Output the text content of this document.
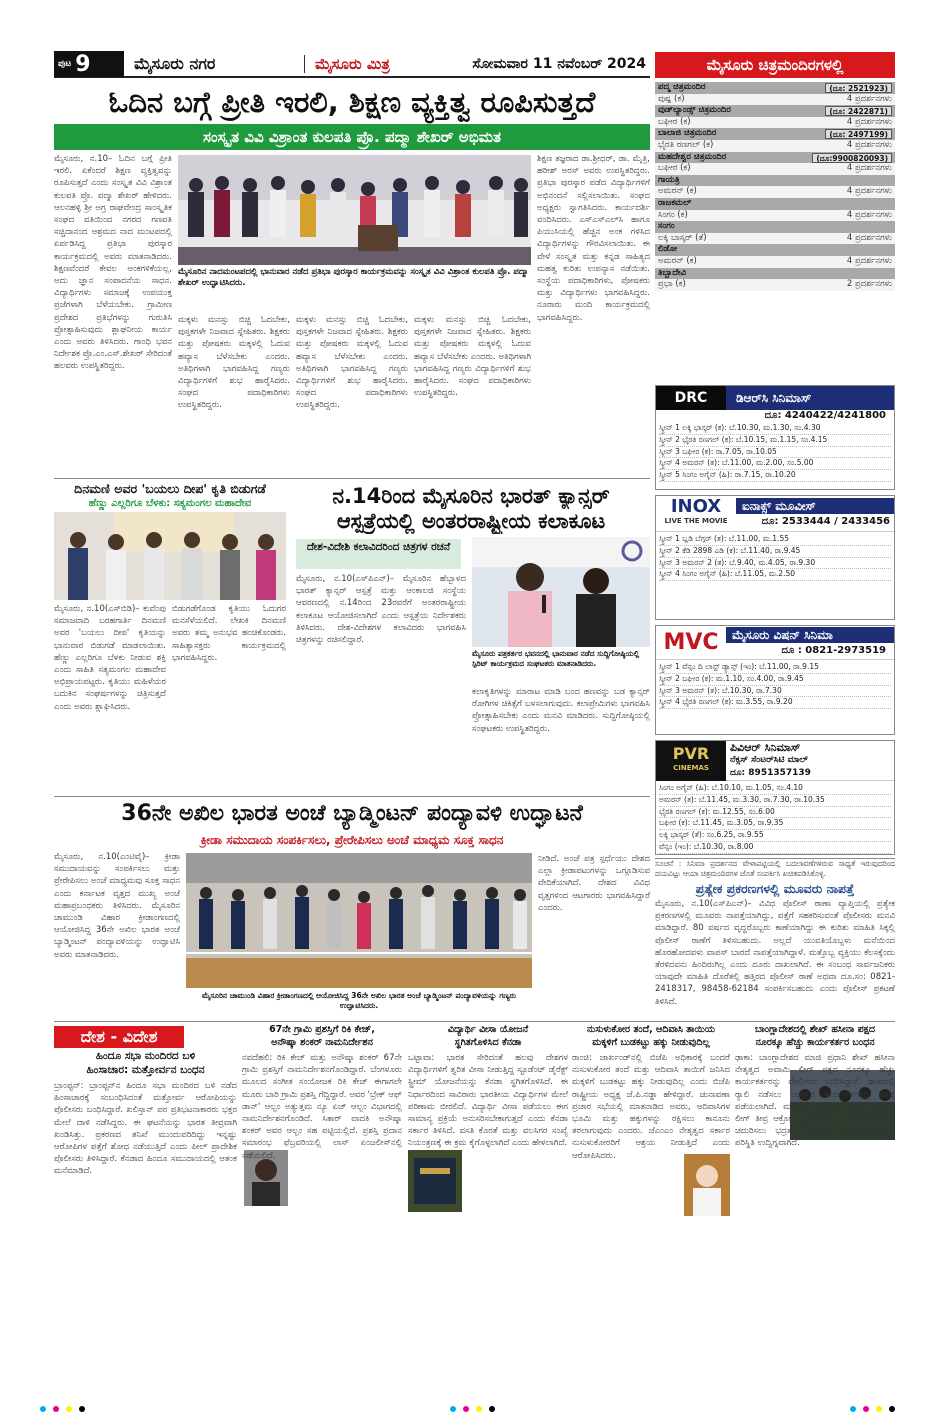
ಪುಟ 9	ಮೈಸೂರು ನಗರ	ಮೈಸೂರು ಮಿತ್ರ	ಸೋಮವಾರ 11 ನವೆಂಬರ್ 2024	ಮೈಸೂರು ಚಿತ್ರಮಂದಿರಗಳಲ್ಲಿ
ಓದಿನ ಬಗ್ಗೆ ಪ್ರೀತಿ ಇರಲಿ, ಶಿಕ್ಷಣ ವ್ಯಕ್ತಿತ್ವ ರೂಪಿಸುತ್ತದೆ
ಸಂಸ್ಕೃತ ವಿವಿ ವಿಶ್ರಾಂತ ಕುಲಪತಿ ಪ್ರೊ. ಪದ್ಮಾ ಶೇಖರ್ ಅಭಿಮತ
ಮೈಸೂರು, ನ.10– ಓದಿನ ಬಗ್ಗೆ ಪ್ರೀತಿ ಇರಲಿ. ಏಕೆಂದರೆ ಶಿಕ್ಷಣ ವ್ಯಕ್ತಿತ್ವವನ್ನು ರೂಪಿಸುತ್ತದೆ ಎಂದು ಸಂಸ್ಕೃತ ವಿವಿ ವಿಶ್ರಾಂತ ಕುಲಪತಿ ಪ್ರೊ. ಪದ್ಮಾ ಶೇಖರ್ ಹೇಳಿದರು. ಆಲನಹಳ್ಳಿ ಶ್ರೀ ಅಗ್ರ ರಾಘವೇಂದ್ರ ಸಾಂಸ್ಕೃತಿಕ ಸಂಘದ ವತಿಯಿಂದ ನಗರದ ಗಣಪತಿ ಸಚ್ಚಿದಾನಂದ ಆಶ್ರಮದ ನಾದ ಮಂಟಪದಲ್ಲಿ ಏರ್ಪಡಿಸಿದ್ದ ಪ್ರತಿಭಾ ಪುರಸ್ಕಾರ ಕಾರ್ಯಕ್ರಮದಲ್ಲಿ ಅವರು ಮಾತನಾಡಿದರು. ಶಿಕ್ಷಣವೆಂದರೆ ಕೇವಲ ಅಂಕಗಳಿಕೆಯಲ್ಲ, ಅದು ಜ್ಞಾನ ಸಂಪಾದನೆಯ ಸಾಧನ. ವಿದ್ಯಾರ್ಥಿಗಳು ಸಮಾಜಕ್ಕೆ ಉಪಯುಕ್ತ ಪ್ರಜೆಗಳಾಗಿ ಬೆಳೆಯಬೇಕು. ಗ್ರಾಮೀಣ ಪ್ರದೇಶದ ಪ್ರತಿಭೆಗಳನ್ನು ಗುರುತಿಸಿ ಪ್ರೋತ್ಸಾಹಿಸುವುದು ಶ್ಲಾಘನೀಯ ಕಾರ್ಯ ಎಂದು ಅವರು ತಿಳಿಸಿದರು. ಗಾಂಧಿ ಭವನ ನಿರ್ದೇಶಕ ಪ್ರೊ.ಎಂ.ಎಸ್.ಶೇಖರ್ ಸೇರಿದಂತೆ ಹಲವರು ಉಪಸ್ಥಿತರಿದ್ದರು.
ಶಿಕ್ಷಣ ತಜ್ಞರಾದ ಡಾ.ಶ್ರೀಧರ್, ಡಾ. ಮೈತ್ರಿ, ಹರೀಶ್ ಅರಸ್ ಅವರು ಉಪಸ್ಥಿತರಿದ್ದರು. ಪ್ರತಿಭಾ ಪುರಸ್ಕಾರ ಪಡೆದ ವಿದ್ಯಾರ್ಥಿಗಳಿಗೆ ಅಭಿನಂದನೆ ಸಲ್ಲಿಸಲಾಯಿತು. ಸಂಘದ ಅಧ್ಯಕ್ಷರು ಸ್ವಾಗತಿಸಿದರು. ಕಾರ್ಯದರ್ಶಿ ವಂದಿಸಿದರು. ಎಸ್ಎಸ್ಎಲ್‌ಸಿ ಹಾಗೂ ಪಿಯುಸಿಯಲ್ಲಿ ಹೆಚ್ಚಿನ ಅಂಕ ಗಳಿಸಿದ ವಿದ್ಯಾರ್ಥಿಗಳನ್ನು ಗೌರವಿಸಲಾಯಿತು. ಈ ವೇಳೆ ಸಂಸ್ಕೃತ ಮತ್ತು ಕನ್ನಡ ಸಾಹಿತ್ಯದ ಮಹತ್ವ ಕುರಿತು ಉಪನ್ಯಾಸ ನಡೆಯಿತು. ಸಂಸ್ಥೆಯ ಪದಾಧಿಕಾರಿಗಳು, ಪೋಷಕರು ಮತ್ತು ವಿದ್ಯಾರ್ಥಿಗಳು ಭಾಗವಹಿಸಿದ್ದರು. ನೂರಾರು ಮಂದಿ ಕಾರ್ಯಕ್ರಮದಲ್ಲಿ ಭಾಗವಹಿಸಿದ್ದರು.
ಮೈಸೂರಿನ ನಾದಮಂಟಪದಲ್ಲಿ ಭಾನುವಾರ ನಡೆದ ಪ್ರತಿಭಾ ಪುರಸ್ಕಾರ ಕಾರ್ಯಕ್ರಮವನ್ನು ಸಂಸ್ಕೃತ ವಿವಿ ವಿಶ್ರಾಂತ ಕುಲಪತಿ ಪ್ರೊ. ಪದ್ಮಾ ಶೇಖರ್ ಉದ್ಘಾಟಿಸಿದರು.
ಮಕ್ಕಳು ಮನಸ್ಸು ಬಿಚ್ಚಿ ಓದಬೇಕು, ಪುಸ್ತಕಗಳೇ ನಿಜವಾದ ಸ್ನೇಹಿತರು. ಶಿಕ್ಷಕರು ಮತ್ತು ಪೋಷಕರು ಮಕ್ಕಳಲ್ಲಿ ಓದುವ ಹವ್ಯಾಸ ಬೆಳೆಸಬೇಕು ಎಂದರು. ಅತಿಥಿಗಳಾಗಿ ಭಾಗವಹಿಸಿದ್ದ ಗಣ್ಯರು ವಿದ್ಯಾರ್ಥಿಗಳಿಗೆ ಶುಭ ಹಾರೈಸಿದರು. ಸಂಘದ ಪದಾಧಿಕಾರಿಗಳು ಉಪಸ್ಥಿತರಿದ್ದರು.
ಮಕ್ಕಳು ಮನಸ್ಸು ಬಿಚ್ಚಿ ಓದಬೇಕು, ಪುಸ್ತಕಗಳೇ ನಿಜವಾದ ಸ್ನೇಹಿತರು. ಶಿಕ್ಷಕರು ಮತ್ತು ಪೋಷಕರು ಮಕ್ಕಳಲ್ಲಿ ಓದುವ ಹವ್ಯಾಸ ಬೆಳೆಸಬೇಕು ಎಂದರು. ಅತಿಥಿಗಳಾಗಿ ಭಾಗವಹಿಸಿದ್ದ ಗಣ್ಯರು ವಿದ್ಯಾರ್ಥಿಗಳಿಗೆ ಶುಭ ಹಾರೈಸಿದರು. ಸಂಘದ ಪದಾಧಿಕಾರಿಗಳು ಉಪಸ್ಥಿತರಿದ್ದರು.
ಮಕ್ಕಳು ಮನಸ್ಸು ಬಿಚ್ಚಿ ಓದಬೇಕು, ಪುಸ್ತಕಗಳೇ ನಿಜವಾದ ಸ್ನೇಹಿತರು. ಶಿಕ್ಷಕರು ಮತ್ತು ಪೋಷಕರು ಮಕ್ಕಳಲ್ಲಿ ಓದುವ ಹವ್ಯಾಸ ಬೆಳೆಸಬೇಕು ಎಂದರು. ಅತಿಥಿಗಳಾಗಿ ಭಾಗವಹಿಸಿದ್ದ ಗಣ್ಯರು ವಿದ್ಯಾರ್ಥಿಗಳಿಗೆ ಶುಭ ಹಾರೈಸಿದರು. ಸಂಘದ ಪದಾಧಿಕಾರಿಗಳು ಉಪಸ್ಥಿತರಿದ್ದರು.
ದಿನಮಣಿ ಅವರ 'ಬಯಲು ದೀಪ' ಕೃತಿ ಬಿಡುಗಡೆ
ಹೆಣ್ಣು ಎಲ್ಲರಿಗೂ ಬೆಳಕು: ಸತ್ಯಮಂಗಲ ಮಹಾದೇವ
ಮೈಸೂರು, ನ.10(ಎಸ್‌ಬಿಡಿ)– ಕುವೆಂಪು ಸಮಾಜವಾದಿ ಬರಹಗಾರ್ತಿ ದಿನಮಣಿ ಅವರ 'ಬಯಲು ದೀಪ' ಕೃತಿಯನ್ನು ಭಾನುವಾರ ಬಿಡುಗಡೆ ಮಾಡಲಾಯಿತು. ಹೆಣ್ಣು ಎಲ್ಲರಿಗೂ ಬೆಳಕು ನೀಡುವ ಶಕ್ತಿ ಎಂದು ಸಾಹಿತಿ ಸತ್ಯಮಂಗಲ ಮಹಾದೇವ ಅಭಿಪ್ರಾಯಪಟ್ಟರು. ಕೃತಿಯು ಮಹಿಳೆಯರ ಬದುಕಿನ ಸಂಘರ್ಷಗಳನ್ನು ಚಿತ್ರಿಸುತ್ತದೆ ಎಂದು ಅವರು ಶ್ಲಾಘಿಸಿದರು.
ಬಿಡುಗಡೆಗೊಂಡ ಕೃತಿಯು ಓದುಗರ ಮನಸೆಳೆಯಲಿದೆ. ಲೇಖಕಿ ದಿನಮಣಿ ಅವರು ತಮ್ಮ ಅನುಭವ ಹಂಚಿಕೊಂಡರು. ಸಾಹಿತ್ಯಾಸಕ್ತರು ಕಾರ್ಯಕ್ರಮದಲ್ಲಿ ಭಾಗವಹಿಸಿದ್ದರು.
ನ.14ರಿಂದ ಮೈಸೂರಿನ ಭಾರತ್ ಕ್ಯಾನ್ಸರ್
ಆಸ್ಪತ್ರೆಯಲ್ಲಿ ಅಂತರರಾಷ್ಟ್ರೀಯ ಕಲಾಕೂಟ
ದೇಶ-ವಿದೇಶಿ ಕಲಾವಿದರಿಂದ ಚಿತ್ರಗಳ ರಚನೆ
ಮೈಸೂರು, ನ.10(ಎಸ್‌ಪಿಎನ್)– ಮೈಸೂರಿನ ಹೆಬ್ಬಾಳದ ಭಾರತ್ ಕ್ಯಾನ್ಸರ್ ಆಸ್ಪತ್ರೆ ಮತ್ತು ಆಂಕಾಲಜಿ ಸಂಸ್ಥೆಯ ಆವರಣದಲ್ಲಿ ನ.14ರಿಂದ 23ರವರೆಗೆ ಅಂತರರಾಷ್ಟ್ರೀಯ ಕಲಾಕೂಟ ಆಯೋಜಿಸಲಾಗಿದೆ ಎಂದು ಆಸ್ಪತ್ರೆಯ ನಿರ್ದೇಶಕರು ತಿಳಿಸಿದರು. ದೇಶ-ವಿದೇಶಗಳ ಕಲಾವಿದರು ಭಾಗವಹಿಸಿ ಚಿತ್ರಗಳನ್ನು ರಚಿಸಲಿದ್ದಾರೆ.
ಮೈಸೂರು ಪತ್ರಕರ್ತರ ಭವನದಲ್ಲಿ ಭಾನುವಾರ ನಡೆದ ಸುದ್ದಿಗೋಷ್ಠಿಯಲ್ಲಿ ಸ್ಪಿರಿಟ್ ಕಾರ್ಯಕ್ರಮದ ಸಂಘಟಕರು ಮಾತನಾಡಿದರು.
ಕಲಾಕೃತಿಗಳನ್ನು ಮಾರಾಟ ಮಾಡಿ ಬಂದ ಹಣವನ್ನು ಬಡ ಕ್ಯಾನ್ಸರ್ ರೋಗಿಗಳ ಚಿಕಿತ್ಸೆಗೆ ಬಳಸಲಾಗುವುದು. ಕಲಾಪ್ರೇಮಿಗಳು ಭಾಗವಹಿಸಿ ಪ್ರೋತ್ಸಾಹಿಸಬೇಕು ಎಂದು ಮನವಿ ಮಾಡಿದರು. ಸುದ್ದಿಗೋಷ್ಠಿಯಲ್ಲಿ ಸಂಘಟಕರು ಉಪಸ್ಥಿತರಿದ್ದರು.
36ನೇ ಅಖಿಲ ಭಾರತ ಅಂಚೆ ಬ್ಯಾಡ್ಮಿಂಟನ್ ಪಂದ್ಯಾವಳಿ ಉದ್ಘಾಟನೆ
ಕ್ರೀಡಾ ಸಮುದಾಯ ಸಂಪರ್ಕಿಸಲು, ಪ್ರೇರೇಪಿಸಲು ಅಂಚೆ ಮಾಧ್ಯಮ ಸೂಕ್ತ ಸಾಧನ
ಮೈಸೂರು, ನ.10(ಎಂಟಿವೈ)– ಕ್ರೀಡಾ ಸಮುದಾಯವನ್ನು ಸಂಪರ್ಕಿಸಲು ಮತ್ತು ಪ್ರೇರೇಪಿಸಲು ಅಂಚೆ ಮಾಧ್ಯಮವು ಸೂಕ್ತ ಸಾಧನ ಎಂದು ಕರ್ನಾಟಕ ವೃತ್ತದ ಮುಖ್ಯ ಅಂಚೆ ಮಹಾಪ್ರಬಂಧಕರು ತಿಳಿಸಿದರು. ಮೈಸೂರಿನ ಚಾಮುಂಡಿ ವಿಹಾರ ಕ್ರೀಡಾಂಗಣದಲ್ಲಿ ಆಯೋಜಿಸಿದ್ದ 36ನೇ ಅಖಿಲ ಭಾರತ ಅಂಚೆ ಬ್ಯಾಡ್ಮಿಂಟನ್ ಪಂದ್ಯಾವಳಿಯನ್ನು ಉದ್ಘಾಟಿಸಿ ಅವರು ಮಾತನಾಡಿದರು.
ಮೈಸೂರಿನ ಚಾಮುಂಡಿ ವಿಹಾರ ಕ್ರೀಡಾಂಗಣದಲ್ಲಿ ಆಯೋಜಿಸಿದ್ದ 36ನೇ ಅಖಿಲ ಭಾರತ ಅಂಚೆ ಬ್ಯಾಡ್ಮಿಂಟನ್ ಪಂದ್ಯಾವಳಿಯನ್ನು ಗಣ್ಯರು ಉದ್ಘಾಟಿಸಿದರು.
ನೀಡಿದೆ. ಅಂಚೆ ಪತ್ರ ಸ್ಪರ್ಧೆಯು ದೇಶದ ಎಲ್ಲಾ ಕ್ರೀಡಾಪಟುಗಳನ್ನು ಒಗ್ಗೂಡಿಸುವ ವೇದಿಕೆಯಾಗಿದೆ. ದೇಶದ ವಿವಿಧ ವೃತ್ತಗಳಿಂದ ಆಟಗಾರರು ಭಾಗವಹಿಸಿದ್ದಾರೆ ಎಂದರು.
ಪ್ರತ್ಯೇಕ ಪ್ರಕರಣಗಳಲ್ಲಿ ಮೂವರು ನಾಪತ್ತೆ
ಮೈಸೂರು, ನ.10(ಎಸ್‌ಪಿಎನ್)– ವಿವಿಧ ಪೊಲೀಸ್ ಠಾಣಾ ವ್ಯಾಪ್ತಿಯಲ್ಲಿ ಪ್ರತ್ಯೇಕ ಪ್ರಕರಣಗಳಲ್ಲಿ ಮೂವರು ನಾಪತ್ತೆಯಾಗಿದ್ದು, ಪತ್ತೆಗೆ ಸಹಕರಿಸುವಂತೆ ಪೊಲೀಸರು ಮನವಿ ಮಾಡಿದ್ದಾರೆ. 80 ವರ್ಷದ ವೃದ್ಧರೊಬ್ಬರು ಕಾಣೆಯಾಗಿದ್ದು ಈ ಕುರಿತು ಮಾಹಿತಿ ಸಿಕ್ಕಲ್ಲಿ ಪೊಲೀಸ್ ಠಾಣೆಗೆ ತಿಳಿಸಬಹುದು. ಅಲ್ಲದೆ ಯುವತಿಯೊಬ್ಬಳು ಮನೆಯಿಂದ ಹೊರಹೋದವಳು ವಾಪಸ್ ಬಾರದೆ ನಾಪತ್ತೆಯಾಗಿದ್ದಾಳೆ. ಮತ್ತೊಬ್ಬ ವ್ಯಕ್ತಿಯು ಕೆಲಸಕ್ಕೆಂದು ತೆರಳಿದವನು ಹಿಂದಿರುಗಿಲ್ಲ ಎಂದು ದೂರು ದಾಖಲಾಗಿದೆ. ಈ ಸಂಬಂಧ ಸಾರ್ವಜನಿಕರು ಯಾವುದೇ ಮಾಹಿತಿ ದೊರೆತಲ್ಲಿ ಹತ್ತಿರದ ಪೊಲೀಸ್ ಠಾಣೆ ಅಥವಾ ದೂ.ಸಂ: 0821-2418317, 98458-62184 ಸಂಪರ್ಕಿಸಬಹುದು ಎಂದು ಪೊಲೀಸ್ ಪ್ರಕಟಣೆ ತಿಳಿಸಿದೆ.
ದೇಶ - ವಿದೇಶ
ಹಿಂದೂ ಸಭಾ ಮಂದಿರದ ಬಳಿ
ಹಿಂಸಾಚಾರ: ಮತ್ತೋರ್ವನ ಬಂಧನ
ಬ್ರಾಂಪ್ಟನ್: ಬ್ರಾಂಪ್ಟನ್‌ನ ಹಿಂದೂ ಸಭಾ ಮಂದಿರದ ಬಳಿ ನಡೆದ ಹಿಂಸಾಚಾರಕ್ಕೆ ಸಂಬಂಧಿಸಿದಂತೆ ಮತ್ತೋರ್ವ ಆರೋಪಿಯನ್ನು ಪೊಲೀಸರು ಬಂಧಿಸಿದ್ದಾರೆ. ಖಲಿಸ್ತಾನ್ ಪರ ಪ್ರತಿಭಟನಾಕಾರರು ಭಕ್ತರ ಮೇಲೆ ದಾಳಿ ನಡೆಸಿದ್ದರು. ಈ ಘಟನೆಯನ್ನು ಭಾರತ ತೀವ್ರವಾಗಿ ಖಂಡಿಸಿತ್ತು. ಪ್ರಕರಣದ ತನಿಖೆ ಮುಂದುವರಿದಿದ್ದು ಇನ್ನಷ್ಟು ಆರೋಪಿಗಳ ಪತ್ತೆಗೆ ಶೋಧ ನಡೆಯುತ್ತಿದೆ ಎಂದು ಪೀಲ್ ಪ್ರಾದೇಶಿಕ ಪೊಲೀಸರು ತಿಳಿಸಿದ್ದಾರೆ. ಕೆನಡಾದ ಹಿಂದೂ ಸಮುದಾಯದಲ್ಲಿ ಆತಂಕ ಮನೆಮಾಡಿದೆ.
67ನೇ ಗ್ರಾಮಿ ಪ್ರಶಸ್ತಿಗೆ ರಿಕಿ ಕೇಜ್,
ಅನೌಷ್ಕಾ ಶಂಕರ್ ನಾಮನಿರ್ದೇಶನ
ನವದೆಹಲಿ: ರಿಕಿ ಕೇಜ್ ಮತ್ತು ಅನೌಷ್ಕಾ ಶಂಕರ್ 67ನೇ ಗ್ರಾಮಿ ಪ್ರಶಸ್ತಿಗೆ ನಾಮನಿರ್ದೇಶನಗೊಂಡಿದ್ದಾರೆ. ಬೆಂಗಳೂರು ಮೂಲದ ಸಂಗೀತ ಸಂಯೋಜಕ ರಿಕಿ ಕೇಜ್ ಈಗಾಗಲೇ ಮೂರು ಬಾರಿ ಗ್ರಾಮಿ ಪ್ರಶಸ್ತಿ ಗೆದ್ದಿದ್ದಾರೆ. ಅವರ 'ಬ್ರೇಕ್ ಆಫ್ ಡಾನ್' ಆಲ್ಬಂ ಅತ್ಯುತ್ತಮ ನ್ಯೂ ಏಜ್ ಆಲ್ಬಂ ವಿಭಾಗದಲ್ಲಿ ನಾಮನಿರ್ದೇಶನಗೊಂಡಿದೆ. ಸಿತಾರ್ ವಾದಕಿ ಅನೌಷ್ಕಾ ಶಂಕರ್ ಅವರ ಆಲ್ಬಂ ಸಹ ಪಟ್ಟಿಯಲ್ಲಿದೆ. ಪ್ರಶಸ್ತಿ ಪ್ರದಾನ ಸಮಾರಂಭ ಫೆಬ್ರವರಿಯಲ್ಲಿ ಲಾಸ್ ಏಂಜಲೀಸ್‌ನಲ್ಲಿ ನಡೆಯಲಿದೆ.
ವಿದ್ಯಾರ್ಥಿ ವೀಸಾ ಯೋಜನೆ
ಸ್ಥಗಿತಗೊಳಿಸಿದ ಕೆನಡಾ
ಒಟ್ಟಾವಾ: ಭಾರತ ಸೇರಿದಂತೆ ಹಲವು ದೇಶಗಳ ವಿದ್ಯಾರ್ಥಿಗಳಿಗೆ ತ್ವರಿತ ವೀಸಾ ನೀಡುತ್ತಿದ್ದ ಸ್ಟೂಡೆಂಟ್ ಡೈರೆಕ್ಟ್ ಸ್ಟ್ರೀಮ್ ಯೋಜನೆಯನ್ನು ಕೆನಡಾ ಸ್ಥಗಿತಗೊಳಿಸಿದೆ. ಈ ನಿರ್ಧಾರದಿಂದ ಸಾವಿರಾರು ಭಾರತೀಯ ವಿದ್ಯಾರ್ಥಿಗಳ ಮೇಲೆ ಪರಿಣಾಮ ಬೀರಲಿದೆ. ವಿದ್ಯಾರ್ಥಿ ವೀಸಾ ಪಡೆಯಲು ಈಗ ಸಾಮಾನ್ಯ ಪ್ರಕ್ರಿಯೆ ಅನುಸರಿಸಬೇಕಾಗುತ್ತದೆ ಎಂದು ಕೆನಡಾ ಸರ್ಕಾರ ತಿಳಿಸಿದೆ. ವಸತಿ ಕೊರತೆ ಮತ್ತು ವಲಸಿಗರ ಸಂಖ್ಯೆ ನಿಯಂತ್ರಣಕ್ಕೆ ಈ ಕ್ರಮ ಕೈಗೊಳ್ಳಲಾಗಿದೆ ಎಂದು ಹೇಳಲಾಗಿದೆ.
ನುಸುಳುಕೋರ ತಂದೆ, ಆದಿವಾಸಿ ತಾಯಿಯ
ಮಕ್ಕಳಿಗೆ ಬುಡಕಟ್ಟು ಹಕ್ಕು ನೀಡುವುದಿಲ್ಲ
ರಾಂಚಿ: ಜಾರ್ಖಂಡ್‌ನಲ್ಲಿ ಬಿಜೆಪಿ ಅಧಿಕಾರಕ್ಕೆ ಬಂದರೆ ನುಸುಳುಕೋರ ತಂದೆ ಮತ್ತು ಆದಿವಾಸಿ ತಾಯಿಗೆ ಜನಿಸಿದ ಮಕ್ಕಳಿಗೆ ಬುಡಕಟ್ಟು ಹಕ್ಕು ನೀಡುವುದಿಲ್ಲ ಎಂದು ಬಿಜೆಪಿ ರಾಷ್ಟ್ರೀಯ ಅಧ್ಯಕ್ಷ ಜೆ.ಪಿ.ನಡ್ಡಾ ಹೇಳಿದ್ದಾರೆ. ಚುನಾವಣಾ ಪ್ರಚಾರ ಸಭೆಯಲ್ಲಿ ಮಾತನಾಡಿದ ಅವರು, ಆದಿವಾಸಿಗಳ ಭೂಮಿ ಮತ್ತು ಹಕ್ಕುಗಳನ್ನು ರಕ್ಷಿಸಲು ಕಾನೂನು ತರಲಾಗುವುದು ಎಂದರು. ಜೆಎಂಎಂ ನೇತೃತ್ವದ ಸರ್ಕಾರ ನುಸುಳುಕೋರರಿಗೆ ಆಶ್ರಯ ನೀಡುತ್ತಿದೆ ಎಂದು ಆರೋಪಿಸಿದರು.
ಬಾಂಗ್ಲಾದೇಶದಲ್ಲಿ ಶೇಖ್ ಹಸೀನಾ ಪಕ್ಷದ
ನೂರಕ್ಕೂ ಹೆಚ್ಚು ಕಾರ್ಯಕರ್ತರ ಬಂಧನ
ಢಾಕಾ: ಬಾಂಗ್ಲಾದೇಶದ ಮಾಜಿ ಪ್ರಧಾನಿ ಶೇಖ್ ಹಸೀನಾ ನೇತೃತ್ವದ ಅವಾಮಿ ಲೀಗ್ ಪಕ್ಷದ ನೂರಕ್ಕೂ ಹೆಚ್ಚು ಕಾರ್ಯಕರ್ತರನ್ನು ಪೊಲೀಸರು ಬಂಧಿಸಿದ್ದಾರೆ. ಢಾಕಾದಲ್ಲಿ ರ‍್ಯಾಲಿ ನಡೆಸಲು ಯತ್ನಿಸಿದ ಕಾರ್ಯಕರ್ತರನ್ನು ವಶಕ್ಕೆ ಪಡೆಯಲಾಗಿದೆ. ಮಧ್ಯಂತರ ಸರ್ಕಾರದ ಕ್ರಮಕ್ಕೆ ಅವಾಮಿ ಲೀಗ್ ತೀವ್ರ ಆಕ್ರೋಶ ವ್ಯಕ್ತಪಡಿಸಿದೆ. ಪ್ರತಿಭಟನಾಕಾರರನ್ನು ಚದುರಿಸಲು ಭದ್ರತಾ ಪಡೆಗಳನ್ನು ನಿಯೋಜಿಸಲಾಗಿತ್ತು. ಪರಿಸ್ಥಿತಿ ಉದ್ವಿಗ್ನವಾಗಿದೆ.
ಪದ್ಮ ಚಿತ್ರಮಂದಿರ	(ದೂ: 2521923)
ಪುಷ್ಪ (ಕ)	4 ಪ್ರದರ್ಶನಗಳು
ವುಡ್‌ಲ್ಯಾಂಡ್ಸ್ ಚಿತ್ರಮಂದಿರ	(ದೂ: 2422871)
ಬಘೀರ (ಕ)	4 ಪ್ರದರ್ಶನಗಳು
ಬಾಲಾಜಿ ಚಿತ್ರಮಂದಿರ	(ದೂ: 2497199)
ಭೈರತಿ ರಣಗಲ್ (ಕ)	4 ಪ್ರದರ್ಶನಗಳು
ಮಹದೇಶ್ವರ ಚಿತ್ರಮಂದಿರ	(ದೂ:9900820093)
ಬಘೀರ (ಕ)	4 ಪ್ರದರ್ಶನಗಳು
ಗಾಯತ್ರಿ
ಅಮರನ್ (ಕ)	4 ಪ್ರದರ್ಶನಗಳು
ರಾಜಕಮಲ್
ಸಿಂಗಂ (ಕ)	4 ಪ್ರದರ್ಶನಗಳು
ಸಂಗಂ
ಲಕ್ಕಿ ಬಾಸ್ಕರ್ (ತೆ)	4 ಪ್ರದರ್ಶನಗಳು
ಲಿಡೋ
ಅಮರನ್ (ಕ)	4 ಪ್ರದರ್ಶನಗಳು
ತಿಬ್ಬಾದೇವಿ
ಪ್ರಭಾ (ಕ)	2 ಪ್ರದರ್ಶನಗಳು
DRC	ಡಿಆರ್‌ಸಿ ಸಿನಿಮಾಸ್
ದೂ: 4240422/4241800
ಸ್ಕ್ರೀನ್ 1 ಲಕ್ಕಿ ಭಾಸ್ಕರ್ (ಕ): ಬೆ.10.30, ಮ.1.30, ಸಂ.4.30
ಸ್ಕ್ರೀನ್ 2 ಭೈರತಿ ರಣಗಲ್ (ಕ): ಬೆ.10.15, ಮ.1.15, ಸಂ.4.15
ಸ್ಕ್ರೀನ್ 3 ಬಘೀರ (ಕ): ರಾ.7.05, ರಾ.10.05
ಸ್ಕ್ರೀನ್ 4 ಅಮರನ್ (ತ): ಬೆ.11.00, ಮ.2.00, ಸಂ.5.00
ಸ್ಕ್ರೀನ್ 5 ಸಿಂಗಂ ಅಗೈನ್ (ಹಿ): ರಾ.7.15, ರಾ.10.20
INOX
LIVE THE MOVIE
ಐನಾಕ್ಸ್ ಮೂವೀಸ್
ದೂ: 2533444 / 2433456
ಸ್ಕ್ರೀನ್ 1 ಬ್ಲಡಿ ಬೆಗ್ಗರ್ (ತ): ಬೆ.11.00, ಮ.1.55
ಸ್ಕ್ರೀನ್ 2 ಕೆಡಿ 2898 ಎಡಿ (ಕ): ಬೆ.11.40, ರಾ.9.45
ಸ್ಕ್ರೀನ್ 3 ಅಮರನ್ 2 (ತ): ಬೆ.9.40, ಮ.4.05, ರಾ.9.30
ಸ್ಕ್ರೀನ್ 4 ಸಿಂಗಂ ಅಗೈನ್ (ಹಿ): ಬೆ.11.05, ಮ.2.50
MVC	ಮೈಸೂರು ವಿಷನ್ ಸಿನಿಮಾ
ದೂ : 0821-2973519
ಸ್ಕ್ರೀನ್ 1 ವೆನ್ಸಂ ದಿ ಲಾಸ್ಟ್ ಡ್ಯಾನ್ಸ್ (ಇಂ): ಬೆ.11.00, ರಾ.9.15
ಸ್ಕ್ರೀನ್ 2 ಬಘೀರ (ಕ): ಮ.1.10, ಸಂ.4.00, ರಾ.9.45
ಸ್ಕ್ರೀನ್ 3 ಅಮರನ್ (ತ): ಬೆ.10.30, ರಾ.7.30
ಸ್ಕ್ರೀನ್ 4 ಭೈರತಿ ರಣಗಲ್ (ಕ): ಮ.3.55, ರಾ.9.20
PVR
CINEMAS
ಪಿವಿಆರ್ ಸಿನಿಮಾಸ್
ನೆಕ್ಸಸ್ ಸೆಂಟರ್‌ಸಿಟಿ ಮಾಲ್
ದೂ: 8951357139
ಸಿಂಗಂ ಅಗೈನ್ (ಹಿ): ಬೆ.10.10, ಮ.1.05, ಸಂ.4.10
ಅಮರನ್ (ತ): ಬೆ.11.45, ಮ.3.30, ರಾ.7.30, ರಾ.10.35
ಭೈರತಿ ರಣಗಲ್ (ಕ): ಮ.12.55, ಸಂ.6.00
ಬಘೀರ (ಕ): ಬೆ.11.45, ಮ.3.05, ರಾ.9.35
ಲಕ್ಕಿ ಭಾಸ್ಕರ್ (ತೆ): ಸಂ.6.25, ರಾ.9.55
ವೆನ್ಸಂ (ಇಂ): ಬೆ.10.30, ರಾ.8.00
ಸೂಚನೆ : ಸಿನಿಮಾ ಪ್ರದರ್ಶನದ ವೇಳಾಪಟ್ಟಿಯಲ್ಲಿ ಬದಲಾವಣೆಗಳಿರುವ ಸಾಧ್ಯತೆ ಇರುವುದರಿಂದ ದಯವಿಟ್ಟು ಆಯಾ ಚಿತ್ರಮಂದಿರಗಳ ಜೊತೆ ಸಂಪರ್ಕಿಸಿ ಖಚಿತಪಡಿಸಿಕೊಳ್ಳಿ.
